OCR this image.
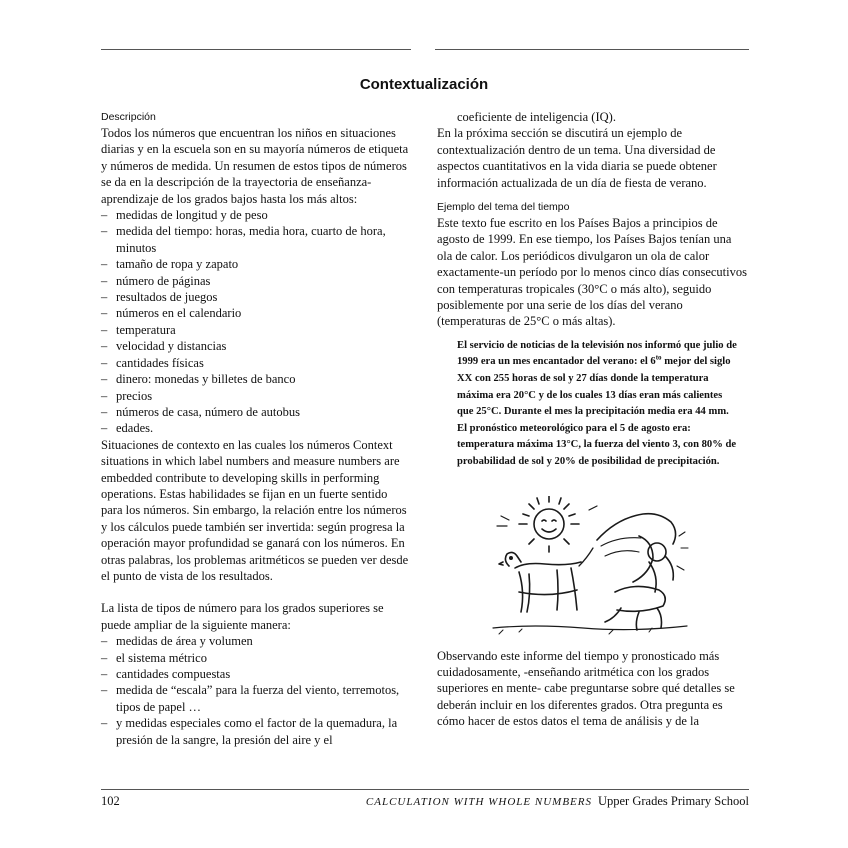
Contextualización
Descripción

Todos los números que encuentran los niños en situaciones diarias y en la escuela son en su mayoría números de etiqueta y números de medida. Un resumen de estos tipos de números se da en la descripción de la trayectoria de enseñanza-aprendizaje de los grados bajos hasta los más altos:

– medidas de longitud y de peso
– medida del tiempo: horas, media hora, cuarto de hora, minutos
– tamaño de ropa y zapato
– número de páginas
– resultados de juegos
– números en el calendario
– temperatura
– velocidad y distancias
– cantidades físicas
– dinero: monedas y billetes de banco
– precios
– números de casa, número de autobus
– edades.

Situaciones de contexto en las cuales los números Context situations in which label numbers and measure numbers are embedded contribute to developing skills in performing operations. Estas habilidades se fijan en un fuerte sentido para los números. Sin embargo, la relación entre los números y los cálculos puede también ser invertida: según progresa la operación mayor profundidad se ganará con los números. En otras palabras, los problemas aritméticos se pueden ver desde el punto de vista de los resultados.

La lista de tipos de número para los grados superiores se puede ampliar de la siguiente manera:

– medidas de área y volumen
– el sistema métrico
– cantidades compuestas
– medida de “escala” para la fuerza del viento, terremotos, tipos de papel …
– y medidas especiales como el factor de la quemadura, la presión de la sangre, la presión del aire y el

coeficiente de inteligencia (IQ).

En la próxima sección se discutirá un ejemplo de contextualización dentro de un tema. Una diversidad de aspectos cuantitativos en la vida diaria se puede obtener información actualizada de un día de fiesta de verano.

Ejemplo del tema del tiempo

Este texto fue escrito en los Países Bajos a principios de agosto de 1999. En ese tiempo, los Países Bajos tenían una ola de calor. Los periódicos divulgaron un ola de calor exactamente-un período por lo menos cinco días consecutivos con temperaturas tropicales (30°C o más alto), seguido posiblemente por una serie de los días del verano (temperaturas de 25°C o más altas).

El servicio de noticias de la televisión nos informó que julio de 1999 era un mes encantador del verano: el $6^{to}$ mejor del siglo XX con 255 horas de sol y 27 días donde la temperatura máxima era 20°C y de los cuales 13 días eran más calientes que 25°C. Durante el mes la precipitación media era 44 mm. El pronóstico meteorológico para el 5 de agosto era: temperatura máxima 13°C, la fuerza del viento 3, con 80% de probabilidad de sol y 20% de posibilidad de precipitación.

Observando este informe del tiempo y pronosticado más cuidadosamente, -enseñando aritmética con los grados superiores en mente- cabe preguntarse sobre qué detalles se deberán incluir en los diferentes grados. Otra pregunta es cómo hacer de estos datos el tema de análisis y de la

102	CALCULATION WITH WHOLE NUMBERS Upper Grades Primary School
